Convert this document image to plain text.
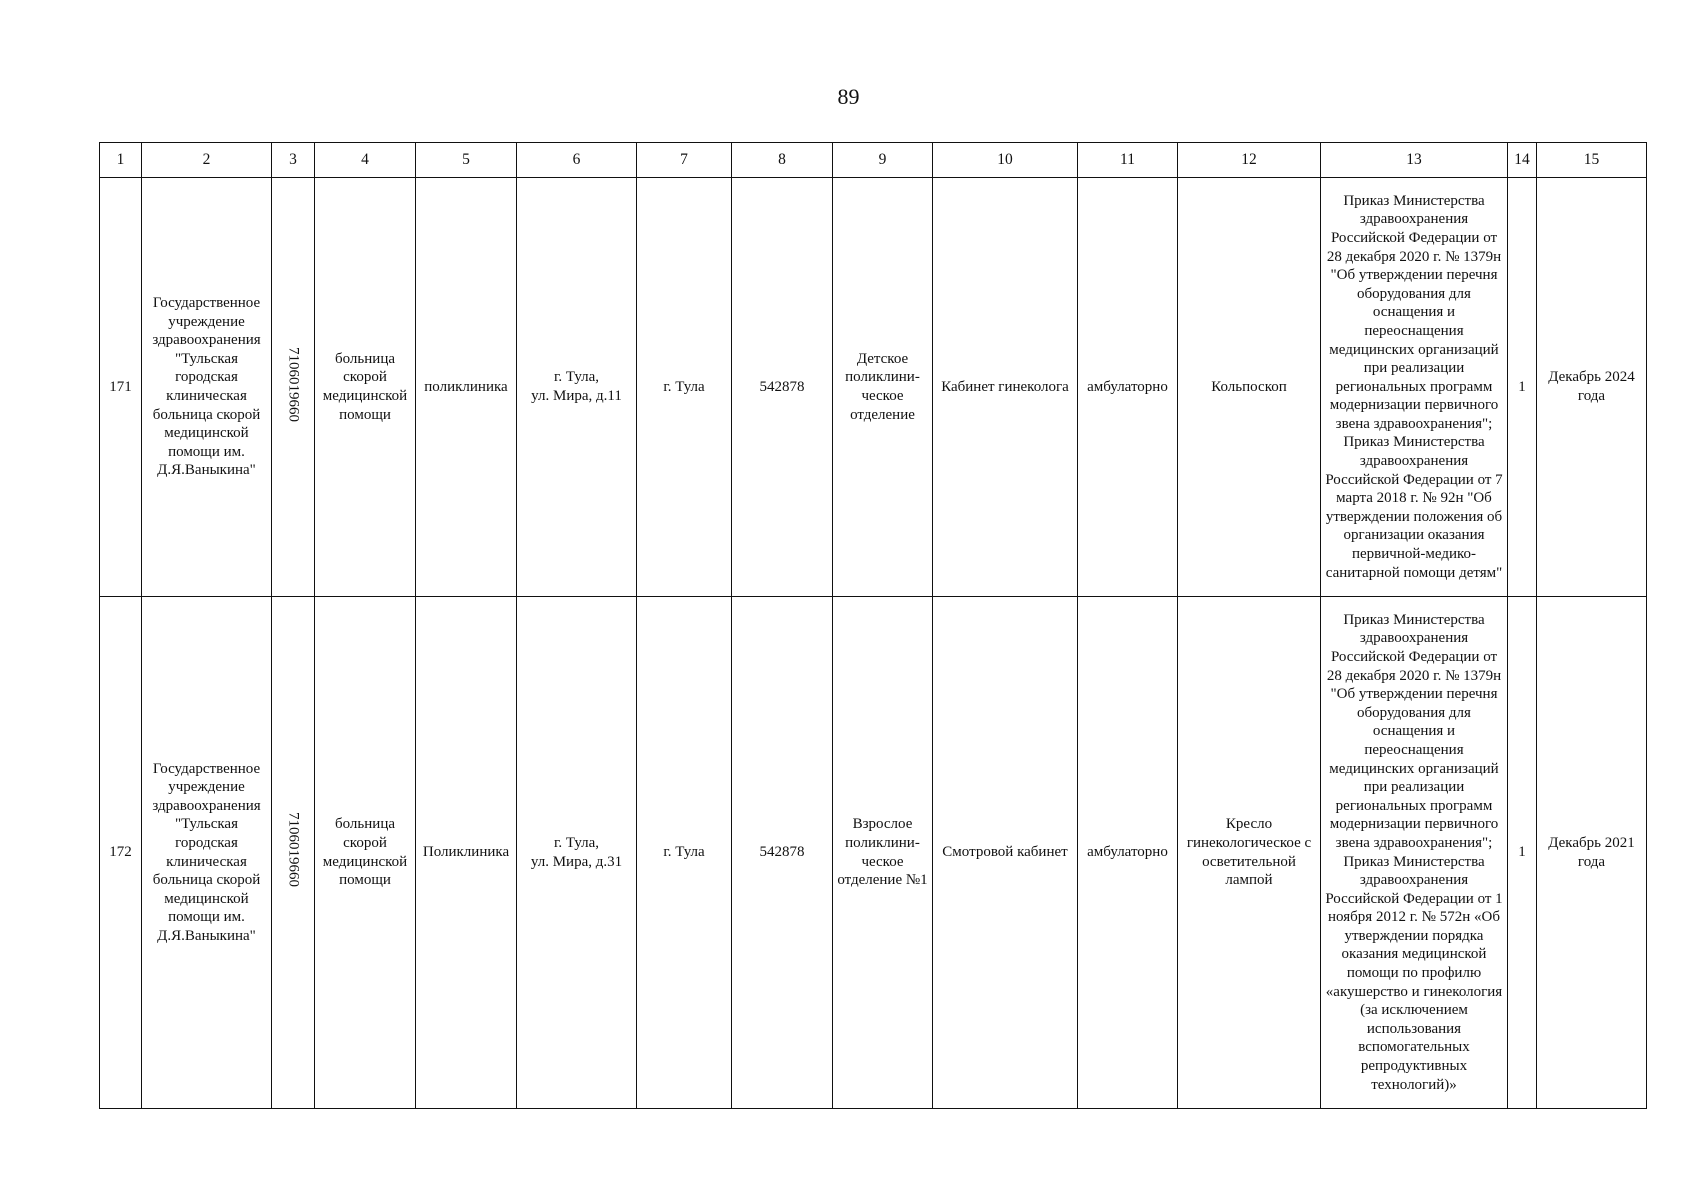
89
1	2	3	4	5	6	7	8	9	10	11	12	13	14	15
171	Государственное учреждение здравоохранения "Тульская городская клиническая больница скорой медицинской помощи им. Д.Я.Ваныкина"	7106019660	больница скорой медицинской помощи	поликлиника	г. Тула,
ул. Мира, д.11	г. Тула	542878	Детское поликлини-ческое отделение	Кабинет гинеколога	амбулаторно	Кольпоскоп	Приказ Министерства здравоохранения Российской Федерации от 28 декабря 2020 г. № 1379н "Об утверждении перечня оборудования для оснащения и переоснащения медицинских организаций при реализации региональных программ модернизации первичного звена здравоохранения"; Приказ Министерства здравоохранения Российской Федерации от 7 марта 2018 г. № 92н "Об утверждении положения об организации оказания первичной-медико-санитарной помощи детям"	1	Декабрь 2024 года
172	Государственное учреждение здравоохранения "Тульская городская клиническая больница скорой медицинской помощи им. Д.Я.Ваныкина"	7106019660	больница скорой медицинской помощи	Поликлиника	г. Тула,
ул. Мира, д.31	г. Тула	542878	Взрослое поликлини-ческое отделение №1	Смотровой кабинет	амбулаторно	Кресло гинекологическое с осветительной лампой	Приказ Министерства здравоохранения Российской Федерации от 28 декабря 2020 г. № 1379н "Об утверждении перечня оборудования для оснащения и переоснащения медицинских организаций при реализации региональных программ модернизации первичного звена здравоохранения"; Приказ Министерства здравоохранения Российской Федерации от 1 ноября 2012 г. № 572н «Об утверждении порядка оказания медицинской помощи по профилю «акушерство и гинекология (за исключением использования вспомогательных репродуктивных технологий)»	1	Декабрь 2021 года
